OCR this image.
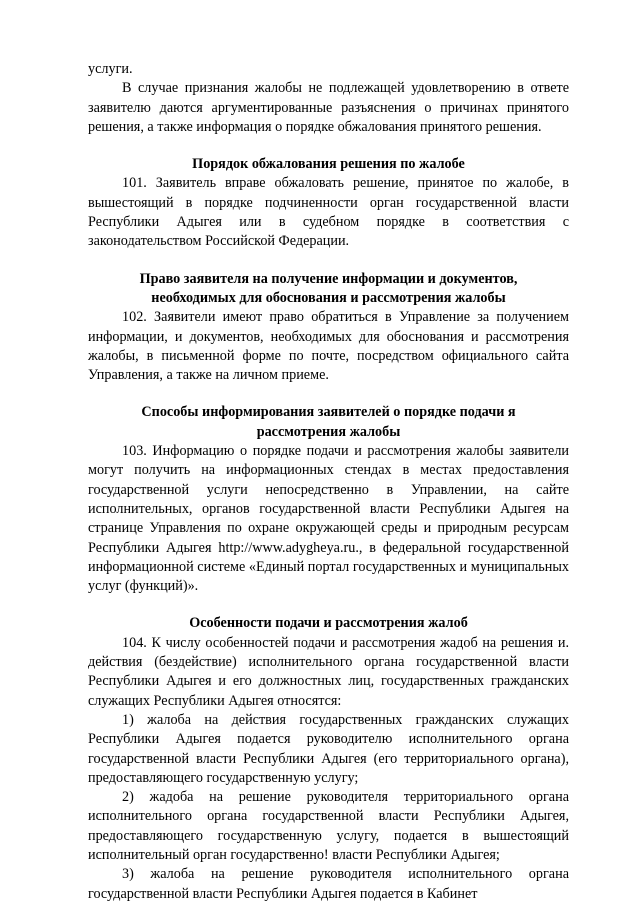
услуги.

В случае признания жалобы не подлежащей удовлетворению в ответе заявителю даются аргументированные разъяснения о причинах принятого решения, а также информация о порядке обжалования принятого решения.

Порядок обжалования решения по жалобе

101. Заявитель вправе обжаловать решение, принятое по жалобе, в вышестоящий в порядке подчиненности орган государственной власти Республики Адыгея или в судебном порядке в соответствия с законодательством Российской Федерации.

Право заявителя на получение информации и документов,

необходимых для обоснования и рассмотрения жалобы

102. Заявители имеют право обратиться в Управление за получением информации, и документов, необходимых для обоснования и рассмотрения жалобы, в письменной форме по почте, посредством официального сайта Управления, а также на личном приеме.

Способы информирования заявителей о порядке подачи я

рассмотрения жалобы

103. Информацию о порядке подачи и рассмотрения жалобы заявители могут получить на информационных стендах в местах предоставления государственной услуги непосредственно в Управлении, на сайте исполнительных, органов государственной власти Республики Адыгея на странице Управления по охране окружающей среды и природным ресурсам Республики Адыгея http://www.adygheya.ru., в федеральной государственной информационной системе «Единый портал государственных и муниципальных услуг (функций)».

Особенности подачи и рассмотрения жалоб

104. К числу особенностей подачи и рассмотрения жадоб на решения и. действия (бездействие) исполнительного органа государственной власти Республики Адыгея и его должностных лиц, государственных гражданских служащих Республики Адыгея относятся:

1) жалоба на действия государственных гражданских служащих Республики Адыгея подается руководителю исполнительного органа государственной власти Республики Адыгея (его территориального органа), предоставляющего государственную услугу;

2) жадоба на решение руководителя территориального органа исполнительного органа государственной власти Республики Адыгея, предоставляющего государственную услугу, подается в вышестоящий исполнительный орган государственно! власти Республики Адыгея;

3) жалоба на решение руководителя исполнительного органа государственной власти Республики Адыгея подается в Кабинет
